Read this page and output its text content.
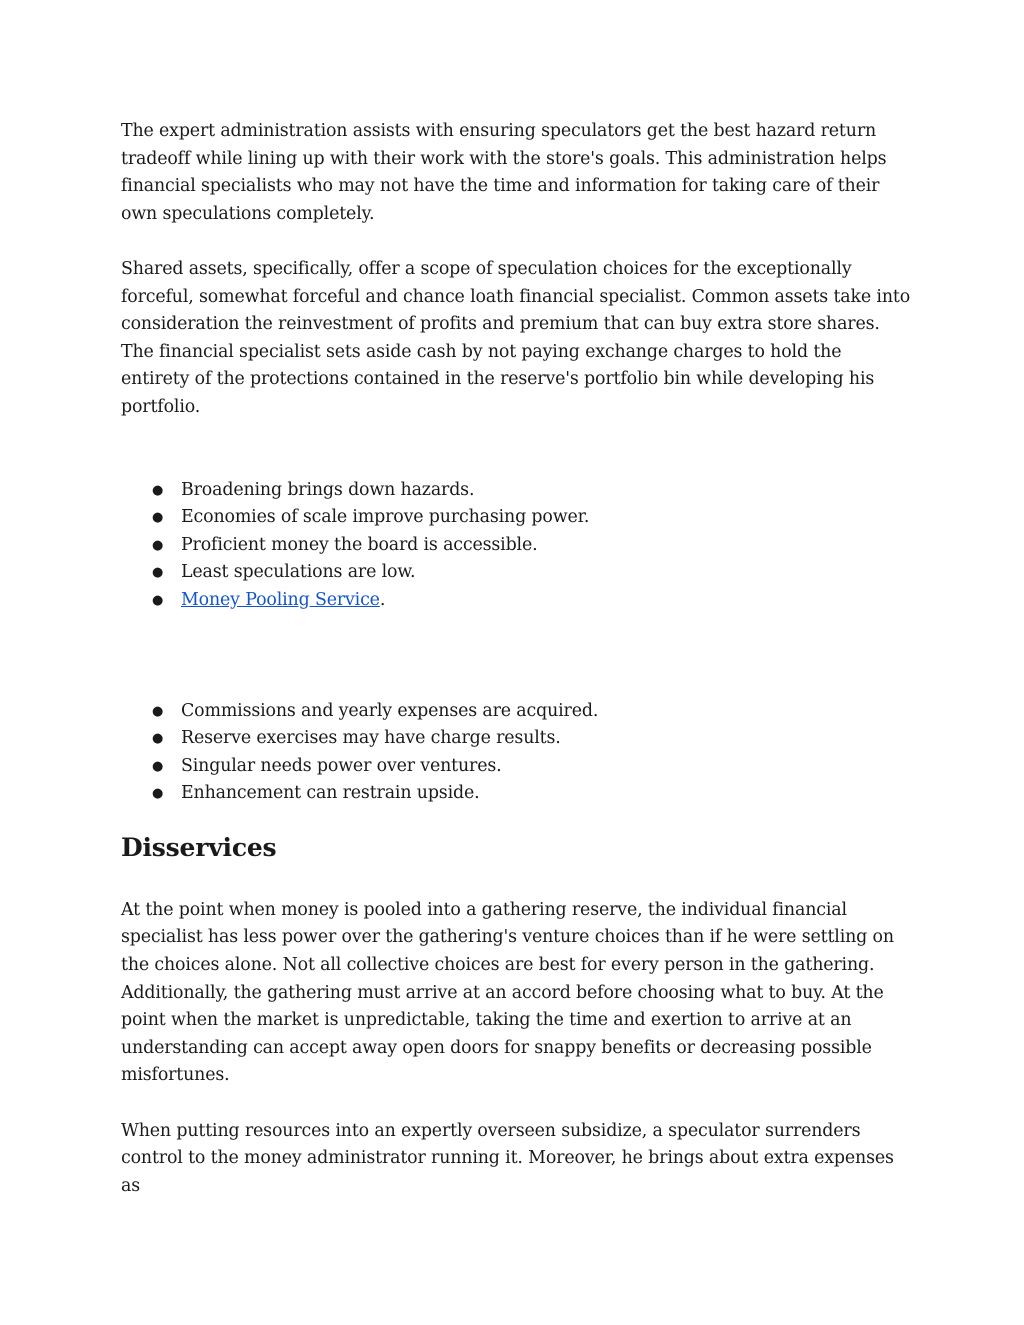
The expert administration assists with ensuring speculators get the best hazard return tradeoff while lining up with their work with the store's goals. This administration helps financial specialists who may not have the time and information for taking care of their own speculations completely.

Shared assets, specifically, offer a scope of speculation choices for the exceptionally forceful, somewhat forceful and chance loath financial specialist. Common assets take into consideration the reinvestment of profits and premium that can buy extra store shares. The financial specialist sets aside cash by not paying exchange charges to hold the entirety of the protections contained in the reserve's portfolio bin while developing his portfolio.

● Broadening brings down hazards.
● Economies of scale improve purchasing power.
● Proficient money the board is accessible.
● Least speculations are low.
● Money Pooling Service.
● Commissions and yearly expenses are acquired.
● Reserve exercises may have charge results.
● Singular needs power over ventures.
● Enhancement can restrain upside.
Disservices

At the point when money is pooled into a gathering reserve, the individual financial specialist has less power over the gathering's venture choices than if he were settling on the choices alone. Not all collective choices are best for every person in the gathering. Additionally, the gathering must arrive at an accord before choosing what to buy. At the point when the market is unpredictable, taking the time and exertion to arrive at an understanding can accept away open doors for snappy benefits or decreasing possible misfortunes.

When putting resources into an expertly overseen subsidize, a speculator surrenders control to the money administrator running it. Moreover, he brings about extra expenses as
